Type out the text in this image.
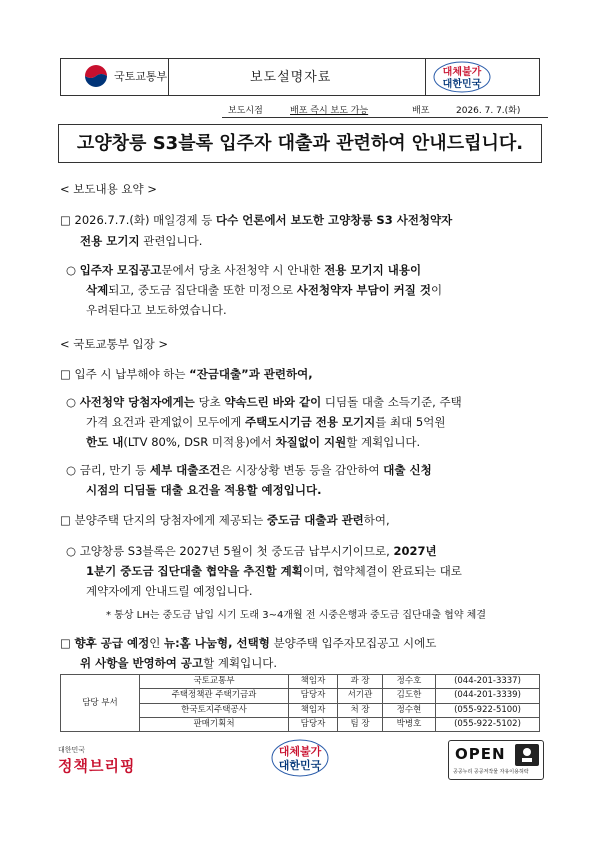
국토교통부	보도설명자료	대체불가
대한민국
보도시점	배포 즉시 보도 가능	배포	2026. 7. 7.(화)
고양창릉 S3블록 입주자 대출과 관련하여 안내드립니다.
< 보도내용 요약 >
□ 2026.7.7.(화) 매일경제 등 다수 언론에서 보도한 고양창릉 S3 사전청약자
전용 모기지 관련입니다.
○ 입주자 모집공고문에서 당초 사전청약 시 안내한 전용 모기지 내용이
삭제되고, 중도금 집단대출 또한 미정으로 사전청약자 부담이 커질 것이
우려된다고 보도하였습니다.
< 국토교통부 입장 >
□ 입주 시 납부해야 하는 “잔금대출”과 관련하여,
○ 사전청약 당첨자에게는 당초 약속드린 바와 같이 디딤돌 대출 소득기준, 주택
가격 요건과 관계없이 모두에게 주택도시기금 전용 모기지를 최대 5억원
한도 내(LTV 80%, DSR 미적용)에서 차질없이 지원할 계획입니다.
○ 금리, 만기 등 세부 대출조건은 시장상황 변동 등을 감안하여 대출 신청
시점의 디딤돌 대출 요건을 적용할 예정입니다.
□ 분양주택 단지의 당첨자에게 제공되는 중도금 대출과 관련하여,
○ 고양창릉 S3블록은 2027년 5월이 첫 중도금 납부시기이므로, 2027년
1분기 중도금 집단대출 협약을 추진할 계획이며, 협약체결이 완료되는 대로
계약자에게 안내드릴 예정입니다.
* 통상 LH는 중도금 납입 시기 도래 3~4개월 전 시중은행과 중도금 집단대출 협약 체결
□ 향후 공급 예정인 뉴:홈 나눔형, 선택형 분양주택 입주자모집공고 시에도
위 사항을 반영하여 공고할 계획입니다.
담당 부서	국토교통부	책임자	과 장	정수호	(044-201-3337)
	주택정책관 주택기금과	담당자	서기관	김도한	(044-201-3339)
	한국토지주택공사	책임자	처 장	정수현	(055-922-5100)
	판매기획처	담당자	팀 장	박병호	(055-922-5102)
대한민국
정책브리핑
대체불가
대한민국
OPEN
공공누리 공공저작물 자유이용허락
